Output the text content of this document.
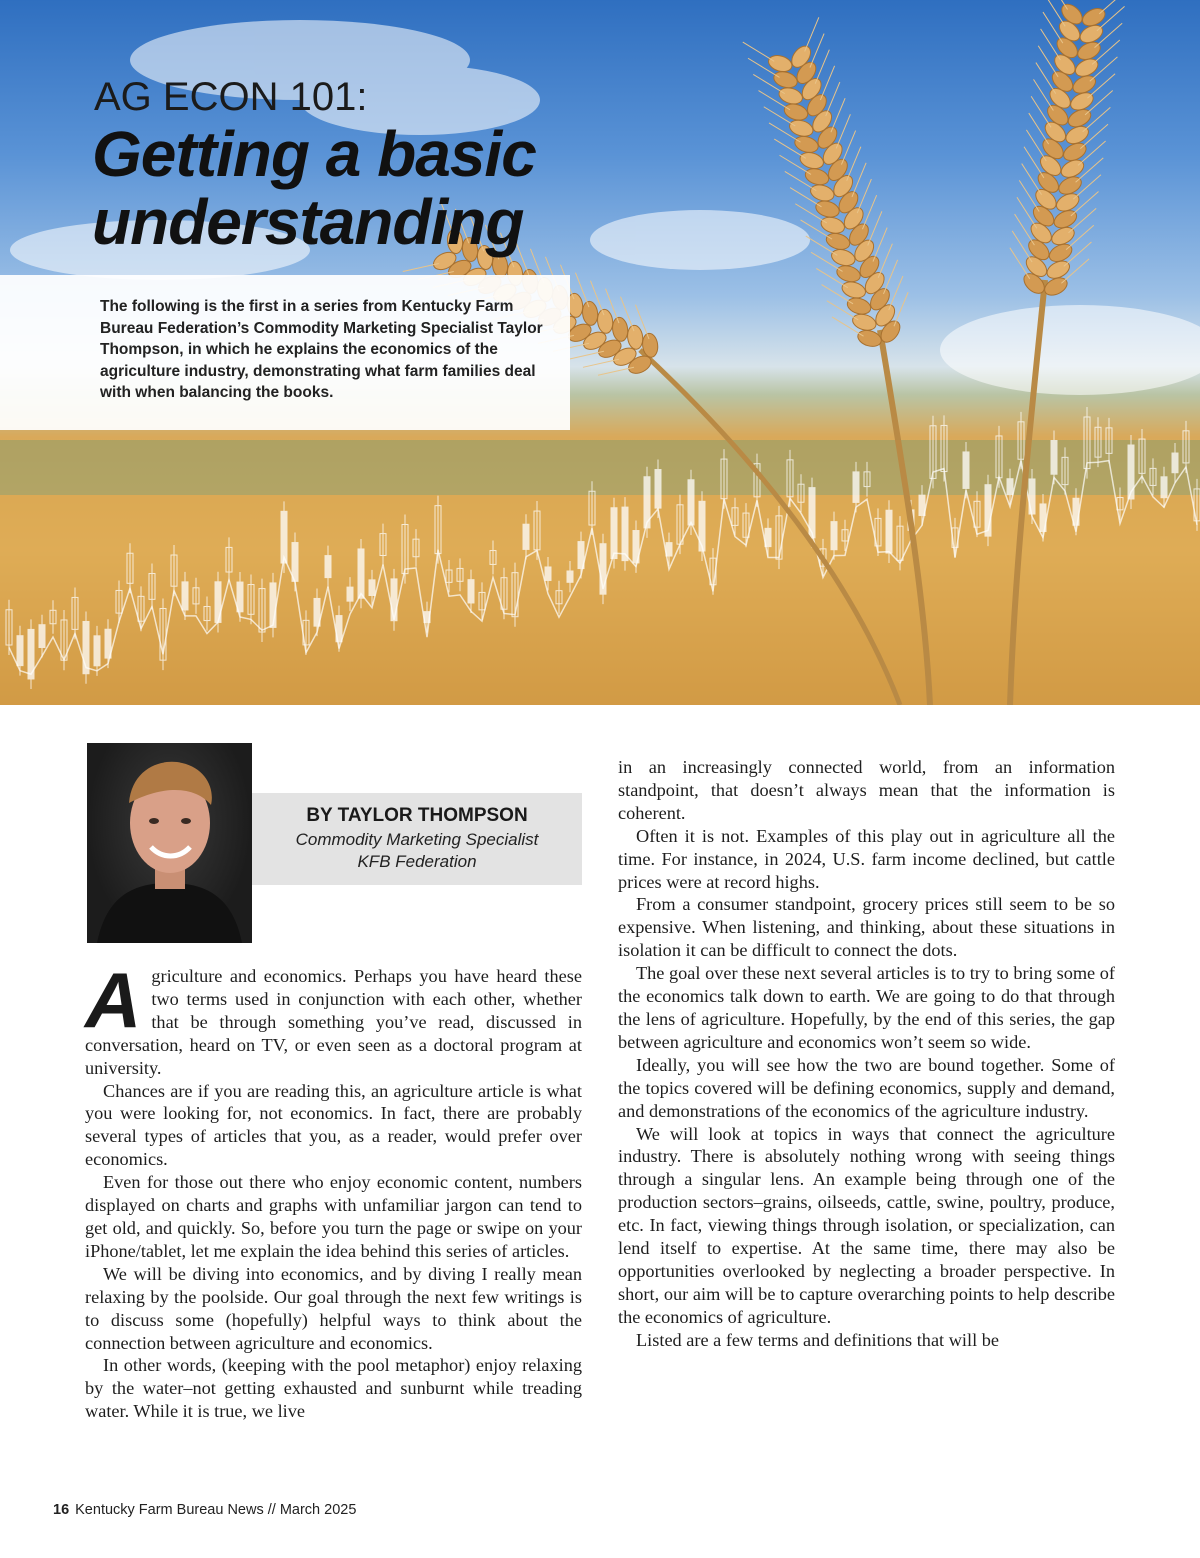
AG ECON 101:
Getting a basic understanding

The following is the first in a series from Kentucky Farm Bureau Federation’s Commodity Marketing Specialist Taylor Thompson, in which he explains the economics of the agriculture industry, demonstrating what farm families deal with when balancing the books.

BY TAYLOR THOMPSON

Commodity Marketing Specialist

KFB Federation

Agriculture and economics. Perhaps you have heard these two terms used in conjunction with each other, whether that be through something you’ve read, discussed in conversation, heard on TV, or even seen as a doctoral program at university.

Chances are if you are reading this, an agriculture article is what you were looking for, not economics. In fact, there are probably several types of articles that you, as a reader, would prefer over economics.

Even for those out there who enjoy economic content, numbers displayed on charts and graphs with unfamiliar jargon can tend to get old, and quickly. So, before you turn the page or swipe on your iPhone/tablet, let me explain the idea behind this series of articles.

We will be diving into economics, and by diving I really mean relaxing by the poolside. Our goal through the next few writings is to discuss some (hopefully) helpful ways to think about the connection between agriculture and economics.

In other words, (keeping with the pool metaphor) enjoy relaxing by the water–not getting exhausted and sunburnt while treading water. While it is true, we live

in an increasingly connected world, from an information standpoint, that doesn’t always mean that the information is coherent.

Often it is not. Examples of this play out in agriculture all the time. For instance, in 2024, U.S. farm income declined, but cattle prices were at record highs.

From a consumer standpoint, grocery prices still seem to be so expensive. When listening, and thinking, about these situations in isolation it can be difficult to connect the dots.

The goal over these next several articles is to try to bring some of the economics talk down to earth. We are going to do that through the lens of agriculture. Hopefully, by the end of this series, the gap between agriculture and economics won’t seem so wide.

Ideally, you will see how the two are bound together. Some of the topics covered will be defining economics, supply and demand, and demonstrations of the economics of the agriculture industry.

We will look at topics in ways that connect the agriculture industry. There is absolutely nothing wrong with seeing things through a singular lens. An example being through one of the production sectors–grains, oilseeds, cattle, swine, poultry, produce, etc. In fact, viewing things through isolation, or specialization, can lend itself to expertise. At the same time, there may also be opportunities overlooked by neglecting a broader perspective. In short, our aim will be to capture overarching points to help describe the economics of agriculture.

Listed are a few terms and definitions that will be

16 Kentucky Farm Bureau News // March 2025
